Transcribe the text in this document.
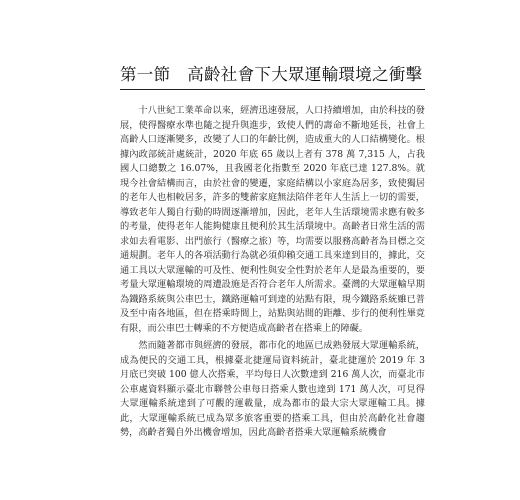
第一節　高齡社會下大眾運輸環境之衝擊

十八世紀工業革命以來，經濟迅速發展，人口持續增加，由於科技的發展，使得醫療水準也隨之提升與進步，致使人們的壽命不斷地延長，社會上高齡人口逐漸變多，改變了人口的年齡比例，造成重大的人口結構變化。根據內政部統計處統計，2020 年底 65 歲以上者有 378 萬 7,315 人，占我國人口總數之 16.07%，且我國老化指數至 2020 年底已達 127.8%。就現今社會結構而言，由於社會的變遷，家庭結構以小家庭為居多，致使獨居的老年人也相較居多，許多的雙薪家庭無法陪伴老年人生活上一切的需要，導致老年人獨自行動的時間逐漸增加，因此，老年人生活環境需求應有較多的考量，使得老年人能夠健康且便利於其生活環境中。高齡者日常生活的需求如去看電影、出門旅行（醫療之旅）等，均需要以服務高齡者為目標之交通規劃。老年人的各項活動行為就必須仰賴交通工具來達到目的，據此，交通工具以大眾運輸的可及性、便利性與安全性對於老年人是最為重要的，要考量大眾運輸環境的周遭設施是否符合老年人所需求。臺灣的大眾運輸早期為鐵路系統與公車巴士，鐵路運輸可到達的站點有限，現今鐵路系統雖已普及至中南各地區，但在搭乘時間上，站點與站間的距離、步行的便利性畢竟有限，而公車巴士轉乘的不方便造成高齡者在搭乘上的障礙。

然而隨著都市與經濟的發展，都市化的地區已成熟發展大眾運輸系統，成為便民的交通工具，根據臺北捷運局資料統計，臺北捷運於 2019 年 3 月底已突破 100 億人次搭乘，平均每日人次數達到 216 萬人次，而臺北市公車處資料顯示臺北市聯營公車每日搭乘人數也達到 171 萬人次，可見得大眾運輸系統達到了可觀的運載量，成為都市的最大宗大眾運輸工具。據此，大眾運輸系統已成為眾多旅客重要的搭乘工具，但由於高齡化社會趨勢，高齡者獨自外出機會增加，因此高齡者搭乘大眾運輸系統機會
